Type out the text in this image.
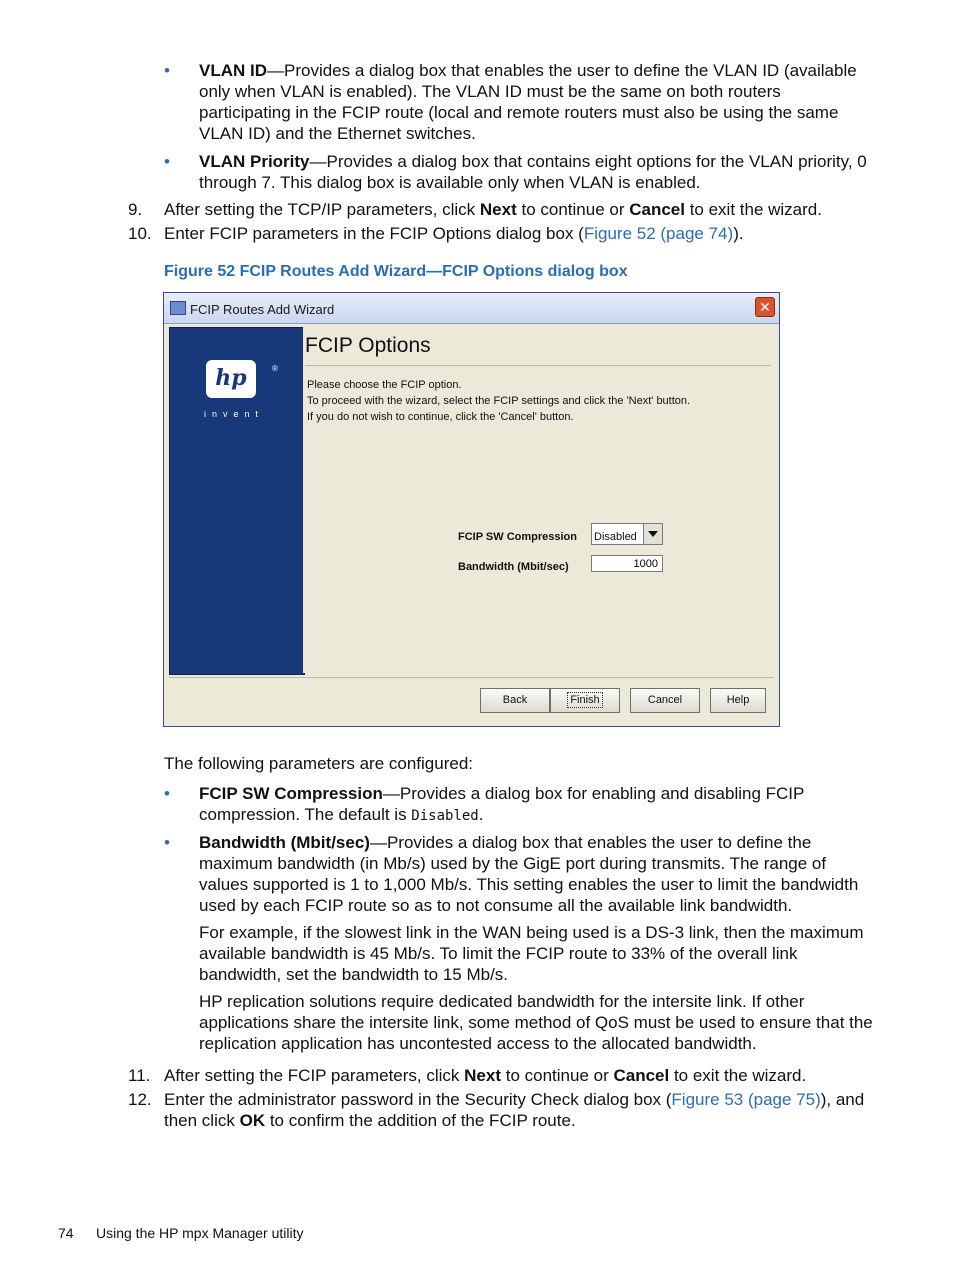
• VLAN ID—Provides a dialog box that enables the user to define the VLAN ID (available only when VLAN is enabled). The VLAN ID must be the same on both routers participating in the FCIP route (local and remote routers must also be using the same VLAN ID) and the Ethernet switches.
• VLAN Priority—Provides a dialog box that contains eight options for the VLAN priority, 0 through 7. This dialog box is available only when VLAN is enabled.
9. After setting the TCP/IP parameters, click Next to continue or Cancel to exit the wizard.
10. Enter FCIP parameters in the FCIP Options dialog box (Figure 52 (page 74)).
Figure 52 FCIP Routes Add Wizard—FCIP Options dialog box
FCIP Routes Add Wizard	✕
hp	®
invent
FCIP Options
Please choose the FCIP option.
To proceed with the wizard, select the FCIP settings and click the 'Next' button.
If you do not wish to continue, click the 'Cancel' button.
FCIP SW Compression Disabled
Bandwidth (Mbit/sec)
1000
Back	Finish	Cancel	Help
The following parameters are configured:
• FCIP SW Compression—Provides a dialog box for enabling and disabling FCIP compression. The default is Disabled.
• Bandwidth (Mbit/sec)—Provides a dialog box that enables the user to define the maximum bandwidth (in Mb/s) used by the GigE port during transmits. The range of values supported is 1 to 1,000 Mb/s. This setting enables the user to limit the bandwidth used by each FCIP route so as to not consume all the available link bandwidth.
For example, if the slowest link in the WAN being used is a DS-3 link, then the maximum available bandwidth is 45 Mb/s. To limit the FCIP route to 33% of the overall link bandwidth, set the bandwidth to 15 Mb/s.
HP replication solutions require dedicated bandwidth for the intersite link. If other applications share the intersite link, some method of QoS must be used to ensure that the replication application has uncontested access to the allocated bandwidth.
11. After setting the FCIP parameters, click Next to continue or Cancel to exit the wizard.
12. Enter the administrator password in the Security Check dialog box (Figure 53 (page 75)), and then click OK to confirm the addition of the FCIP route.
74 Using the HP mpx Manager utility
